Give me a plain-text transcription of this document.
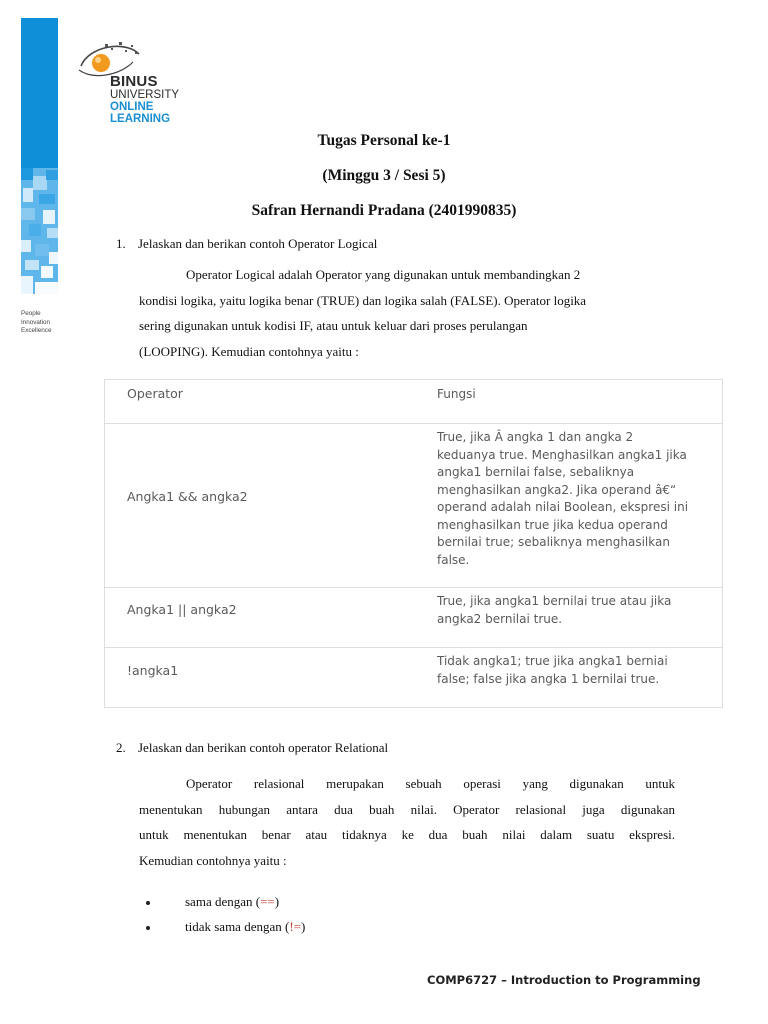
People
Innovation
Excellence
BINUS
UNIVERSITY
ONLINE
LEARNING
Tugas Personal ke-1
(Minggu 3 / Sesi 5)
Safran Hernandi Pradana (2401990835)
1. Jelaskan dan berikan contoh Operator Logical
Operator Logical adalah Operator yang digunakan untuk membandingkan 2
kondisi logika, yaitu logika benar (TRUE) dan logika salah (FALSE). Operator logika
sering digunakan untuk kodisi IF, atau untuk keluar dari proses perulangan
(LOOPING). Kemudian contohnya yaitu :
Operator	Fungsi
Angka1 && angka2
True, jika Â angka 1 dan angka 2
keduanya true. Menghasilkan angka1 jika
angka1 bernilai false, sebaliknya
menghasilkan angka2. Jika operand â€“
operand adalah nilai Boolean, ekspresi ini
menghasilkan true jika kedua operand
bernilai true; sebaliknya menghasilkan
false.
Angka1 || angka2
True, jika angka1 bernilai true atau jika
angka2 bernilai true.
!angka1
Tidak angka1; true jika angka1 berniai
false; false jika angka 1 bernilai true.
2. Jelaskan dan berikan contoh operator Relational
Operator relasional merupakan sebuah operasi yang digunakan untuk
menentukan hubungan antara dua buah nilai. Operator relasional juga digunakan
untuk menentukan benar atau tidaknya ke dua buah nilai dalam suatu ekspresi.
Kemudian contohnya yaitu :
sama dengan (==)
tidak sama dengan (!=)
COMP6727 – Introduction to Programming
